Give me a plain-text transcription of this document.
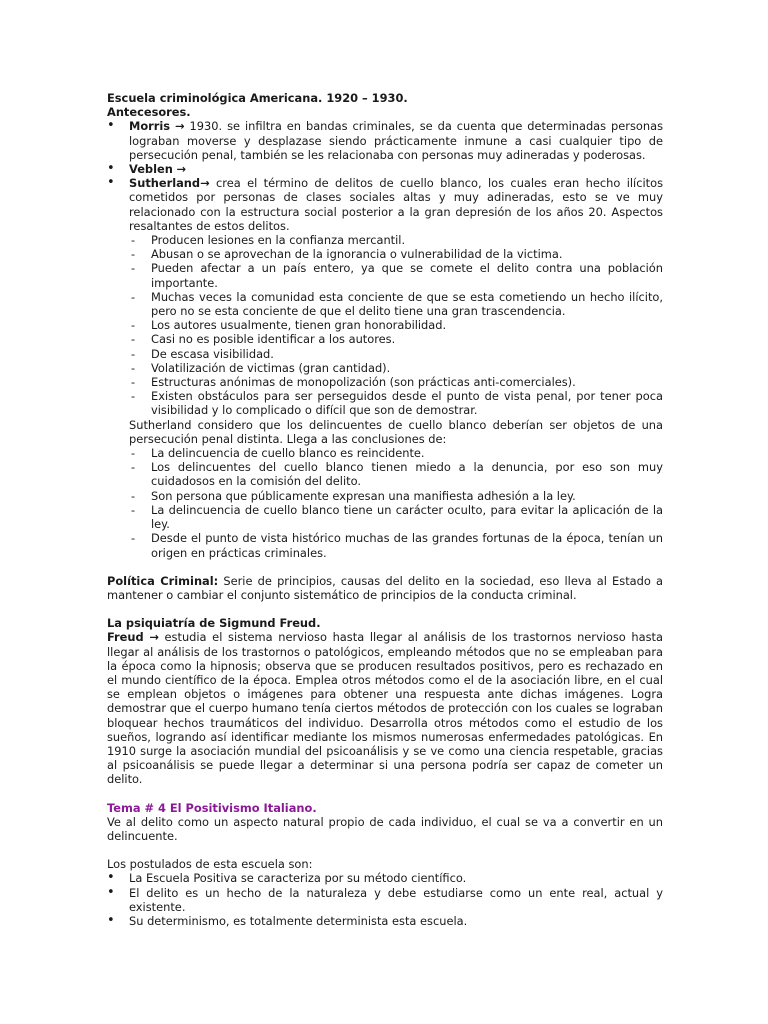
Escuela criminológica Americana. 1920 – 1930.

Antecesores.

• Morris → 1930. se infiltra en bandas criminales, se da cuenta que determinadas personas lograban moverse y desplazase siendo prácticamente inmune a casi cualquier tipo de persecución penal, también se les relacionaba con personas muy adineradas y poderosas.

• Veblen →

• Sutherland→ crea el término de delitos de cuello blanco, los cuales eran hecho ilícitos cometidos por personas de clases sociales altas y muy adineradas, esto se ve muy relacionado con la estructura social posterior a la gran depresión de los años 20. Aspectos resaltantes de estos delitos.

- Producen lesiones en la confianza mercantil.

- Abusan o se aprovechan de la ignorancia o vulnerabilidad de la victima.

- Pueden afectar a un país entero, ya que se comete el delito contra una población importante.

- Muchas veces la comunidad esta conciente de que se esta cometiendo un hecho ilícito, pero no se esta conciente de que el delito tiene una gran trascendencia.

- Los autores usualmente, tienen gran honorabilidad.

- Casi no es posible identificar a los autores.

- De escasa visibilidad.

- Volatilización de victimas (gran cantidad).

- Estructuras anónimas de monopolización (son prácticas anti-comerciales).

- Existen obstáculos para ser perseguidos desde el punto de vista penal, por tener poca visibilidad y lo complicado o difícil que son de demostrar.

Sutherland considero que los delincuentes de cuello blanco deberían ser objetos de una persecución penal distinta. Llega a las conclusiones de:

- La delincuencia de cuello blanco es reincidente.

- Los delincuentes del cuello blanco tienen miedo a la denuncia, por eso son muy cuidadosos en la comisión del delito.

- Son persona que públicamente expresan una manifiesta adhesión a la ley.

- La delincuencia de cuello blanco tiene un carácter oculto, para evitar la aplicación de la ley.

- Desde el punto de vista histórico muchas de las grandes fortunas de la época, tenían un origen en prácticas criminales.

Política Criminal: Serie de principios, causas del delito en la sociedad, eso lleva al Estado a mantener o cambiar el conjunto sistemático de principios de la conducta criminal.

La psiquiatría de Sigmund Freud.

Freud → estudia el sistema nervioso hasta llegar al análisis de los trastornos nervioso hasta llegar al análisis de los trastornos o patológicos, empleando métodos que no se empleaban para la época como la hipnosis; observa que se producen resultados positivos, pero es rechazado en el mundo científico de la época. Emplea otros métodos como el de la asociación libre, en el cual se emplean objetos o imágenes para obtener una respuesta ante dichas imágenes. Logra demostrar que el cuerpo humano tenía ciertos métodos de protección con los cuales se lograban bloquear hechos traumáticos del individuo. Desarrolla otros métodos como el estudio de los sueños, logrando así identificar mediante los mismos numerosas enfermedades patológicas. En 1910 surge la asociación mundial del psicoanálisis y se ve como una ciencia respetable, gracias al psicoanálisis se puede llegar a determinar si una persona podría ser capaz de cometer un delito.

Tema # 4 El Positivismo Italiano.

Ve al delito como un aspecto natural propio de cada individuo, el cual se va a convertir en un delincuente.

Los postulados de esta escuela son:

• La Escuela Positiva se caracteriza por su método científico.

• El delito es un hecho de la naturaleza y debe estudiarse como un ente real, actual y existente.

• Su determinismo, es totalmente determinista esta escuela.
